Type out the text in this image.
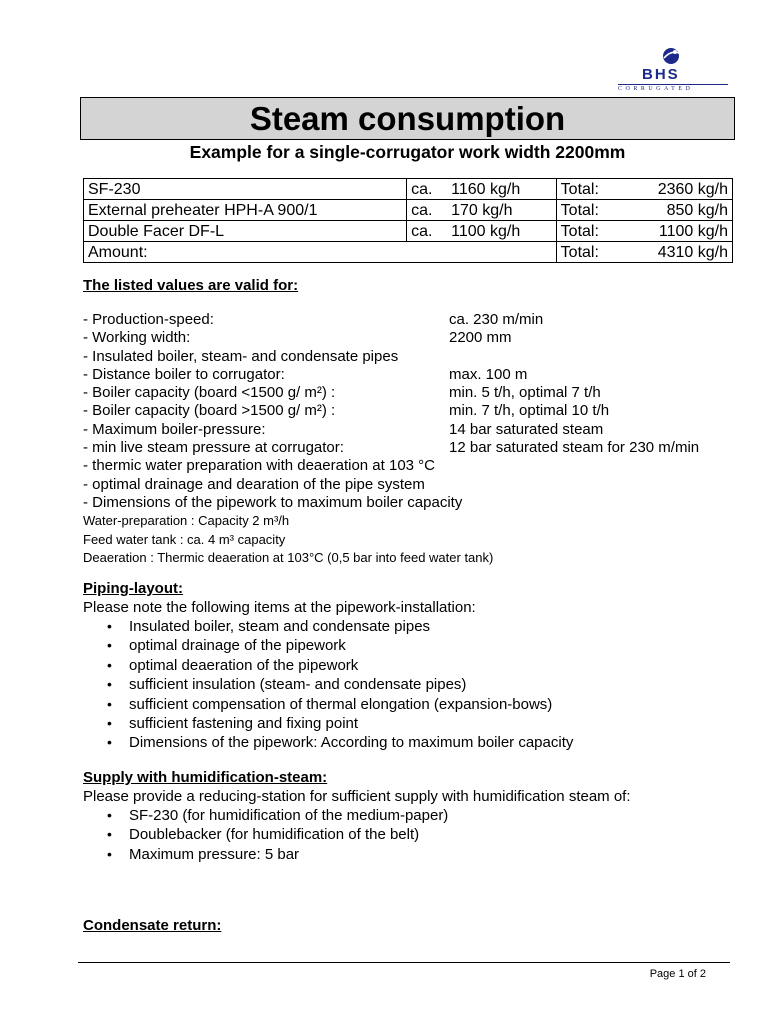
BHS
CORRUGATED
Steam consumption
Example for a single-corrugator work width 2200mm
SF-230	ca. 1160 kg/h	Total: 2360 kg/h

External preheater HPH-A 900/1	ca. 170 kg/h	Total: 850 kg/h

Double Facer DF-L	ca. 1100 kg/h	Total: 1100 kg/h

Amount:		Total: 4310 kg/h
The listed values are valid for:
- Production-speed:	ca. 230 m/min
- Working width:	2200 mm
- Insulated boiler, steam- and condensate pipes
- Distance boiler to corrugator:	max. 100 m
- Boiler capacity (board <1500 g/ m²) :	min. 5 t/h, optimal 7 t/h
- Boiler capacity (board >1500 g/ m²) :	min. 7 t/h, optimal 10 t/h
- Maximum boiler-pressure:	14 bar saturated steam
- min live steam pressure at corrugator:	12 bar saturated steam for 230 m/min
- thermic water preparation with deaeration at 103 °C
- optimal drainage and dearation of the pipe system
- Dimensions of the pipework to maximum boiler capacity
Water-preparation : Capacity 2 m³/h
Feed water tank : ca. 4 m³ capacity
Deaeration : Thermic deaeration at 103°C (0,5 bar into feed water tank)
Piping-layout:
Please note the following items at the pipework-installation:
• Insulated boiler, steam and condensate pipes
• optimal drainage of the pipework
• optimal deaeration of the pipework
• sufficient insulation (steam- and condensate pipes)
• sufficient compensation of thermal elongation (expansion-bows)
• sufficient fastening and fixing point
• Dimensions of the pipework: According to maximum boiler capacity
Supply with humidification-steam:
Please provide a reducing-station for sufficient supply with humidification steam of:
• SF-230 (for humidification of the medium-paper)
• Doublebacker (for humidification of the belt)
• Maximum pressure: 5 bar
Condensate return:
Page 1 of 2
